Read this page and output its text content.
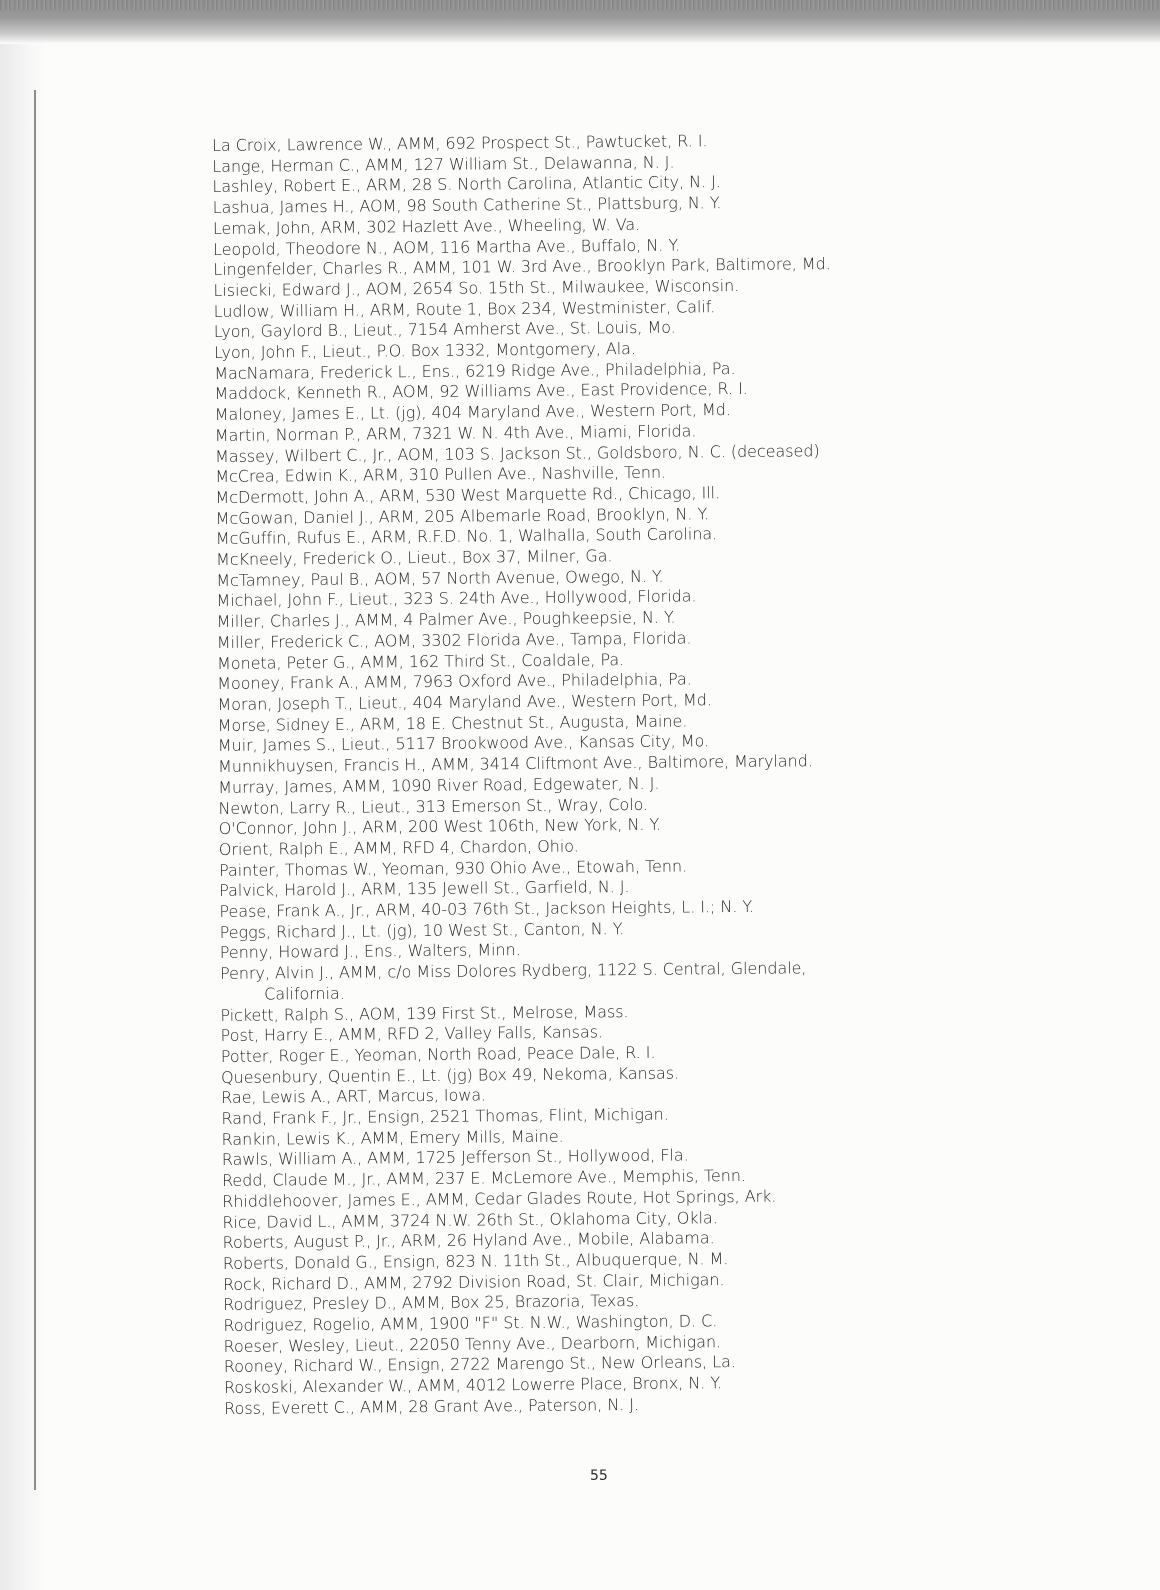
La Croix, Lawrence W., AMM, 692 Prospect St., Pawtucket, R. I.
Lange, Herman C., AMM, 127 William St., Delawanna, N. J.
Lashley, Robert E., ARM, 28 S. North Carolina, Atlantic City, N. J.
Lashua, James H., AOM, 98 South Catherine St., Plattsburg, N. Y.
Lemak, John, ARM, 302 Hazlett Ave., Wheeling, W. Va.
Leopold, Theodore N., AOM, 116 Martha Ave., Buffalo, N. Y.
Lingenfelder, Charles R., AMM, 101 W. 3rd Ave., Brooklyn Park, Baltimore, Md.
Lisiecki, Edward J., AOM, 2654 So. 15th St., Milwaukee, Wisconsin.
Ludlow, William H., ARM, Route 1, Box 234, Westminister, Calif.
Lyon, Gaylord B., Lieut., 7154 Amherst Ave., St. Louis, Mo.
Lyon, John F., Lieut., P.O. Box 1332, Montgomery, Ala.
MacNamara, Frederick L., Ens., 6219 Ridge Ave., Philadelphia, Pa.
Maddock, Kenneth R., AOM, 92 Williams Ave., East Providence, R. I.
Maloney, James E., Lt. (jg), 404 Maryland Ave., Western Port, Md.
Martin, Norman P., ARM, 7321 W. N. 4th Ave., Miami, Florida.
Massey, Wilbert C., Jr., AOM, 103 S. Jackson St., Goldsboro, N. C. (deceased)
McCrea, Edwin K., ARM, 310 Pullen Ave., Nashville, Tenn.
McDermott, John A., ARM, 530 West Marquette Rd., Chicago, Ill.
McGowan, Daniel J., ARM, 205 Albemarle Road, Brooklyn, N. Y.
McGuffin, Rufus E., ARM, R.F.D. No. 1, Walhalla, South Carolina.
McKneely, Frederick O., Lieut., Box 37, Milner, Ga.
McTamney, Paul B., AOM, 57 North Avenue, Owego, N. Y.
Michael, John F., Lieut., 323 S. 24th Ave., Hollywood, Florida.
Miller, Charles J., AMM, 4 Palmer Ave., Poughkeepsie, N. Y.
Miller, Frederick C., AOM, 3302 Florida Ave., Tampa, Florida.
Moneta, Peter G., AMM, 162 Third St., Coaldale, Pa.
Mooney, Frank A., AMM, 7963 Oxford Ave., Philadelphia, Pa.
Moran, Joseph T., Lieut., 404 Maryland Ave., Western Port, Md.
Morse, Sidney E., ARM, 18 E. Chestnut St., Augusta, Maine.
Muir, James S., Lieut., 5117 Brookwood Ave., Kansas City, Mo.
Munnikhuysen, Francis H., AMM, 3414 Cliftmont Ave., Baltimore, Maryland.
Murray, James, AMM, 1090 River Road, Edgewater, N. J.
Newton, Larry R., Lieut., 313 Emerson St., Wray, Colo.
O'Connor, John J., ARM, 200 West 106th, New York, N. Y.
Orient, Ralph E., AMM, RFD 4, Chardon, Ohio.
Painter, Thomas W., Yeoman, 930 Ohio Ave., Etowah, Tenn.
Palvick, Harold J., ARM, 135 Jewell St., Garfield, N. J.
Pease, Frank A., Jr., ARM, 40-03 76th St., Jackson Heights, L. I.; N. Y.
Peggs, Richard J., Lt. (jg), 10 West St., Canton, N. Y.
Penny, Howard J., Ens., Walters, Minn.
Penry, Alvin J., AMM, c/o Miss Dolores Rydberg, 1122 S. Central, Glendale,
California.
Pickett, Ralph S., AOM, 139 First St., Melrose, Mass.
Post, Harry E., AMM, RFD 2, Valley Falls, Kansas.
Potter, Roger E., Yeoman, North Road, Peace Dale, R. I.
Quesenbury, Quentin E., Lt. (jg) Box 49, Nekoma, Kansas.
Rae, Lewis A., ART, Marcus, Iowa.
Rand, Frank F., Jr., Ensign, 2521 Thomas, Flint, Michigan.
Rankin, Lewis K., AMM, Emery Mills, Maine.
Rawls, William A., AMM, 1725 Jefferson St., Hollywood, Fla.
Redd, Claude M., Jr., AMM, 237 E. McLemore Ave., Memphis, Tenn.
Rhiddlehoover, James E., AMM, Cedar Glades Route, Hot Springs, Ark.
Rice, David L., AMM, 3724 N.W. 26th St., Oklahoma City, Okla.
Roberts, August P., Jr., ARM, 26 Hyland Ave., Mobile, Alabama.
Roberts, Donald G., Ensign, 823 N. 11th St., Albuquerque, N. M.
Rock, Richard D., AMM, 2792 Division Road, St. Clair, Michigan.
Rodriguez, Presley D., AMM, Box 25, Brazoria, Texas.
Rodriguez, Rogelio, AMM, 1900 "F" St. N.W., Washington, D. C.
Roeser, Wesley, Lieut., 22050 Tenny Ave., Dearborn, Michigan.
Rooney, Richard W., Ensign, 2722 Marengo St., New Orleans, La.
Roskoski, Alexander W., AMM, 4012 Lowerre Place, Bronx, N. Y.
Ross, Everett C., AMM, 28 Grant Ave., Paterson, N. J.
55
